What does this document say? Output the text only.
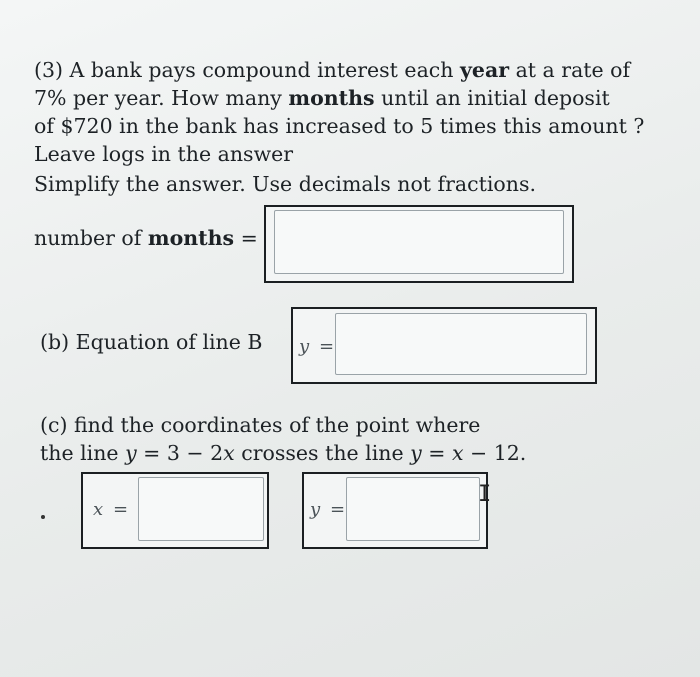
(3) A bank pays compound interest each year at a rate of
7% per year. How many months until an initial deposit
of $720 in the bank has increased to 5 times this amount ?
Leave logs in the answer
Simplify the answer. Use decimals not fractions.
number of months =
(b) Equation of line B y =
(c) find the coordinates of the point where
the line y = 3 − 2x crosses the line y = x − 12.
x =	y =
I
